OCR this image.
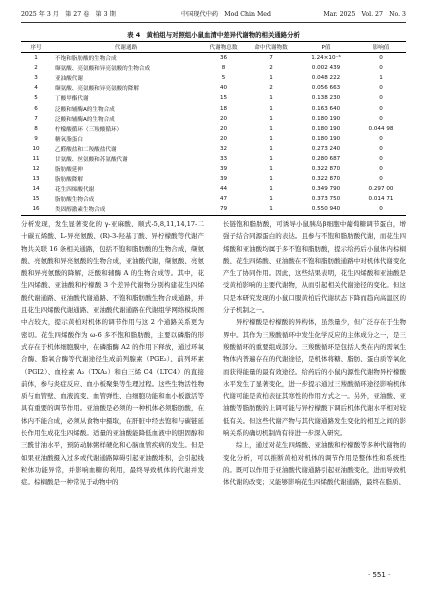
2025 年 3 月　第 27 卷　第 3 期	中国现代中药　Mod Chin Med	Mar. 2025　Vol. 27　No. 3
表 4　黄柏组与对照组小鼠血清中差异代谢物的相关通路分析
序号	代谢通路	代谢物总数	命中代谢物数	P值	影响值
1	不饱和脂肪酸的生物合成	36	7	1.24×10⁻⁶	0
2	缬氨酸、亮氨酸和异亮氨酸的生物合成	8	2	0.002 439	0
3	亚油酸代谢	5	1	0.048 222	1
4	缬氨酸、亮氨酸和异亮氨酸的降解	40	2	0.056 663	0
5	丁酸甲酯代谢	15	1	0.138 230	0
6	泛酸和辅酶A的生物合成	18	1	0.163 640	0
7	泛酸和辅酶A的生物合成	20	1	0.180 190	0
8	柠檬酸循环（三羧酸循环）	20	1	0.180 190	0.044 98
9	糖氧脂蛋白	20	1	0.180 190	0
10	乙醛酸盐和二羧酸盐代谢	32	1	0.273 240	0
11	甘氨酸、丝氨酸和苏氨酸代谢	33	1	0.280 687	0
12	脂肪酸延伸	39	1	0.322 870	0
13	脂肪酸降解	39	1	0.322 870	0
14	花生四烯酸代谢	44	1	0.349 790	0.297 00
15	脂肪酸生物合成	47	1	0.373 750	0.014 71
16	类固醇激素生物合成	79	1	0.550 940	0

分析发现，发生显著变化的 γ-亚麻酸、顺式-5,8,11,14,17-二十碳五烯酸、L-异亮氨酸、(R)-3-羟基丁酸、异柠檬酸等代谢产物共关联 16 条相关通路，包括不饱和脂肪酸的生物合成，缬氨酸、亮氨酸和异亮氨酸的生物合成，亚油酸代谢，缬氨酸、亮氨酸和异亮氨酸的降解，泛酸和辅酶 A 的生物合成等。其中，花生四烯酸、亚油酸和柠檬酸 3 个差异代谢物分别构建花生四烯酸代谢通路、亚油酸代谢通路、不饱和脂肪酸生物合成通路，并且花生四烯酸代谢通路、亚油酸代谢通路在代谢组学网络模块图中占较大，提示黄柏对机体的调节作用与这 2 个通路关系更为密切。花生四烯酸作为 ω-6 多不饱和脂肪酸，主要以磷脂的形式存在于机体细胞膜中，在磷脂酶 A2 的作用下释放，通过环氧合酶、脂氧合酶等代谢途径生成前列腺素（PGE₂）、前列环素（PGI2）、血栓素 A₂（TXA₂）和白三烯 C4（LTC4）的直接前体，参与炎症反应、血小板聚集等生理过程。这些生物活性物质与血管壁、血液流变、血管弹性、白细胞功能和血小板激活等具有重要的调节作用。亚油酸是必须的一种机体必须脂肪酸，在体内不能合成，必须从食物中摄取，在肝脏中经去饱和与碳链延长作用生成花生四烯酸。适量的亚油酸能降低血液中的胆固醇和三酰甘油水平，预防动脉粥样硬化和心脑血管疾病的发生。但是如果亚油酸摄入过多或代谢通路障碍引起亚油酸堆积，会引起线粒体功能异常，并影响血糖的利用，最终导致机体的代谢并发症。棕榈酸是一种常见于动物中的

长链饱和脂肪酸，可诱导小鼠胰岛β细胞中葡萄糖调节蛋白，增强子结合同源蛋白的表达。且参与不饱和脂肪酸代谢，而花生四烯酸和亚油酸均属于多不饱和脂肪酸，提示给药后小鼠体内棕榈酸、花生四烯酸、亚油酸在不饱和脂肪酸通路中对机体代谢变化产生了协同作用。因此，这些结果表明，花生四烯酸和亚油酸是受黄柏影响的主要代谢物，从而引起相关代谢途径的变化。但这只是本研究发现的小鼠口服黄柏后代谢状态下降而趋向高温区的分子机制之一。

异柠檬酸是柠檬酸的异构体，虽然量少，但广泛存在于生物界中。其作为三羧酸循环中发生化学反应的主体成分之一，是三羧酸循环的重要组成部分。三羧酸循环是包括人类在内的需氧生物体内普遍存在的代谢途径，是机体将糖、脂肪、蛋白质等氧化而获得能量的最有效途径。给药后的小鼠内源性代谢物异柠檬酸水平发生了显著变化，进一步提示通过三羧酸循环途径影响机体代谢可能是黄柏表征其寒性的作用方式之一。另外，亚油酸、亚油酸等脂肪酸的上调可能与异柠檬酸下调后机体代谢水平相对较低有关。但这些代谢产物与其代谢通路发生变化的相互之间的影响关系的确切机制尚有待进一步深入研究。

综上，通过对花生四烯酸、亚油酸和柠檬酸等多种代谢物的变化分析，可以推断黄柏对机体的调节作用是整体性和系统性的。既可以作用于亚油酸代谢通路引起亚油酸变化，进而导致机体代谢的改变；又能够影响花生四烯酸代谢通路，最终在脂质、

· 551 ·
